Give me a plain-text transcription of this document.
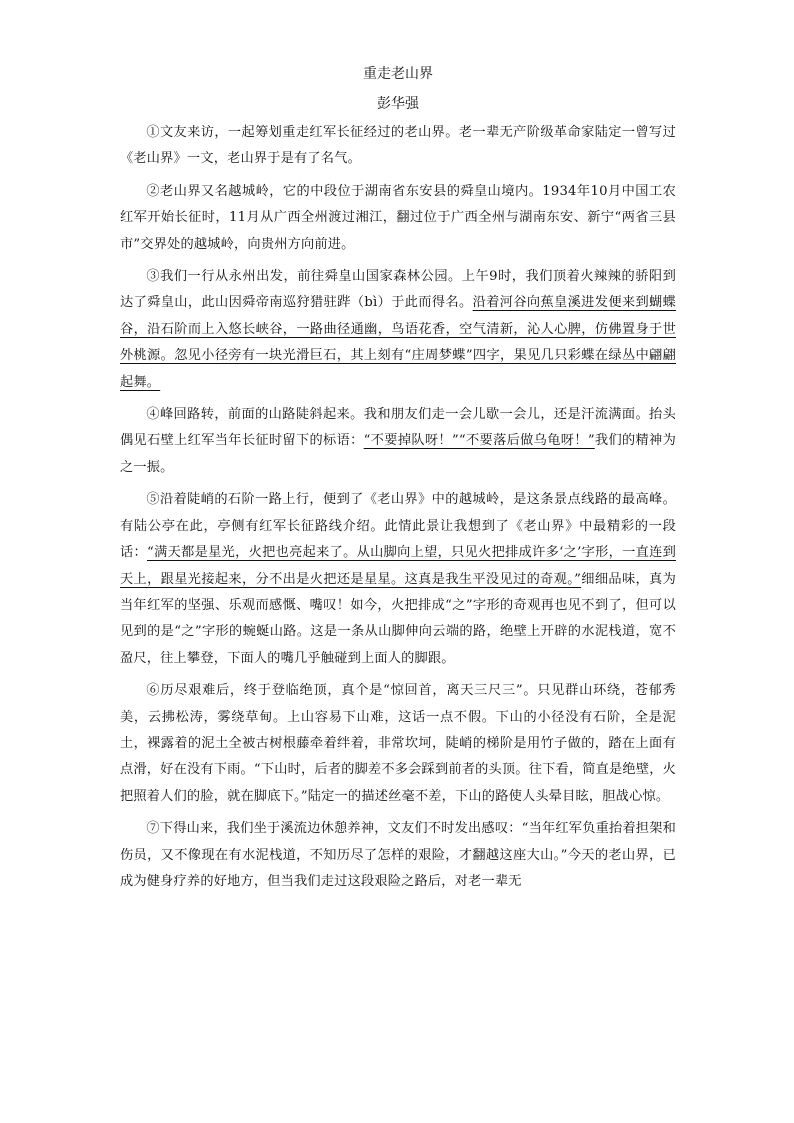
重走老山界

彭华强

①文友来访，一起筹划重走红军长征经过的老山界。老一辈无产阶级革命家陆定一曾写过《老山界》一文，老山界于是有了名气。

②老山界又名越城岭，它的中段位于湖南省东安县的舜皇山境内。1934年10月中国工农红军开始长征时，11月从广西全州渡过湘江，翻过位于广西全州与湖南东安、新宁“两省三县市”交界处的越城岭，向贵州方向前进。

③我们一行从永州出发，前往舜皇山国家森林公园。上午9时，我们顶着火辣辣的骄阳到达了舜皇山，此山因舜帝南巡狩猎驻跸（bì）于此而得名。沿着河谷向蕉皇溪进发便来到蝴蝶谷，沿石阶而上入悠长峡谷，一路曲径通幽，鸟语花香，空气清新，沁人心脾，仿佛置身于世外桃源。忽见小径旁有一块光滑巨石，其上刻有“庄周梦蝶”四字，果见几只彩蝶在绿丛中翩翩起舞。

④峰回路转，前面的山路陡斜起来。我和朋友们走一会儿歇一会儿，还是汗流满面。抬头偶见石壁上红军当年长征时留下的标语：“不要掉队呀！”“不要落后做乌龟呀！”我们的精神为之一振。

⑤沿着陡峭的石阶一路上行，便到了《老山界》中的越城岭，是这条景点线路的最高峰。有陆公亭在此，亭侧有红军长征路线介绍。此情此景让我想到了《老山界》中最精彩的一段话：“满天都是星光，火把也亮起来了。从山脚向上望，只见火把排成许多‘之’字形，一直连到天上，跟星光接起来，分不出是火把还是星星。这真是我生平没见过的奇观。”细细品味，真为当年红军的坚强、乐观而感慨、嘴叹！如今，火把排成“之”字形的奇观再也见不到了，但可以见到的是“之”字形的蜿蜒山路。这是一条从山脚伸向云端的路，绝壁上开辟的水泥栈道，宽不盈尺，往上攀登，下面人的嘴几乎触碰到上面人的脚跟。

⑥历尽艰难后，终于登临绝顶，真个是“惊回首，离天三尺三”。只见群山环绕，苍郁秀美，云拂松涛，雾绕草甸。上山容易下山难，这话一点不假。下山的小径没有石阶，全是泥土，裸露着的泥土全被古树根藤牵着绊着，非常坎坷，陡峭的梯阶是用竹子做的，踏在上面有点滑，好在没有下雨。“下山时，后者的脚差不多会踩到前者的头顶。往下看，简直是绝壁，火把照着人们的脸，就在脚底下。”陆定一的描述丝毫不差，下山的路使人头晕目眩，胆战心惊。

⑦下得山来，我们坐于溪流边休憩养神，文友们不时发出感叹：“当年红军负重抬着担架和伤员，又不像现在有水泥栈道，不知历尽了怎样的艰险，才翻越这座大山。”今天的老山界，已成为健身疗养的好地方，但当我们走过这段艰险之路后，对老一辈无
